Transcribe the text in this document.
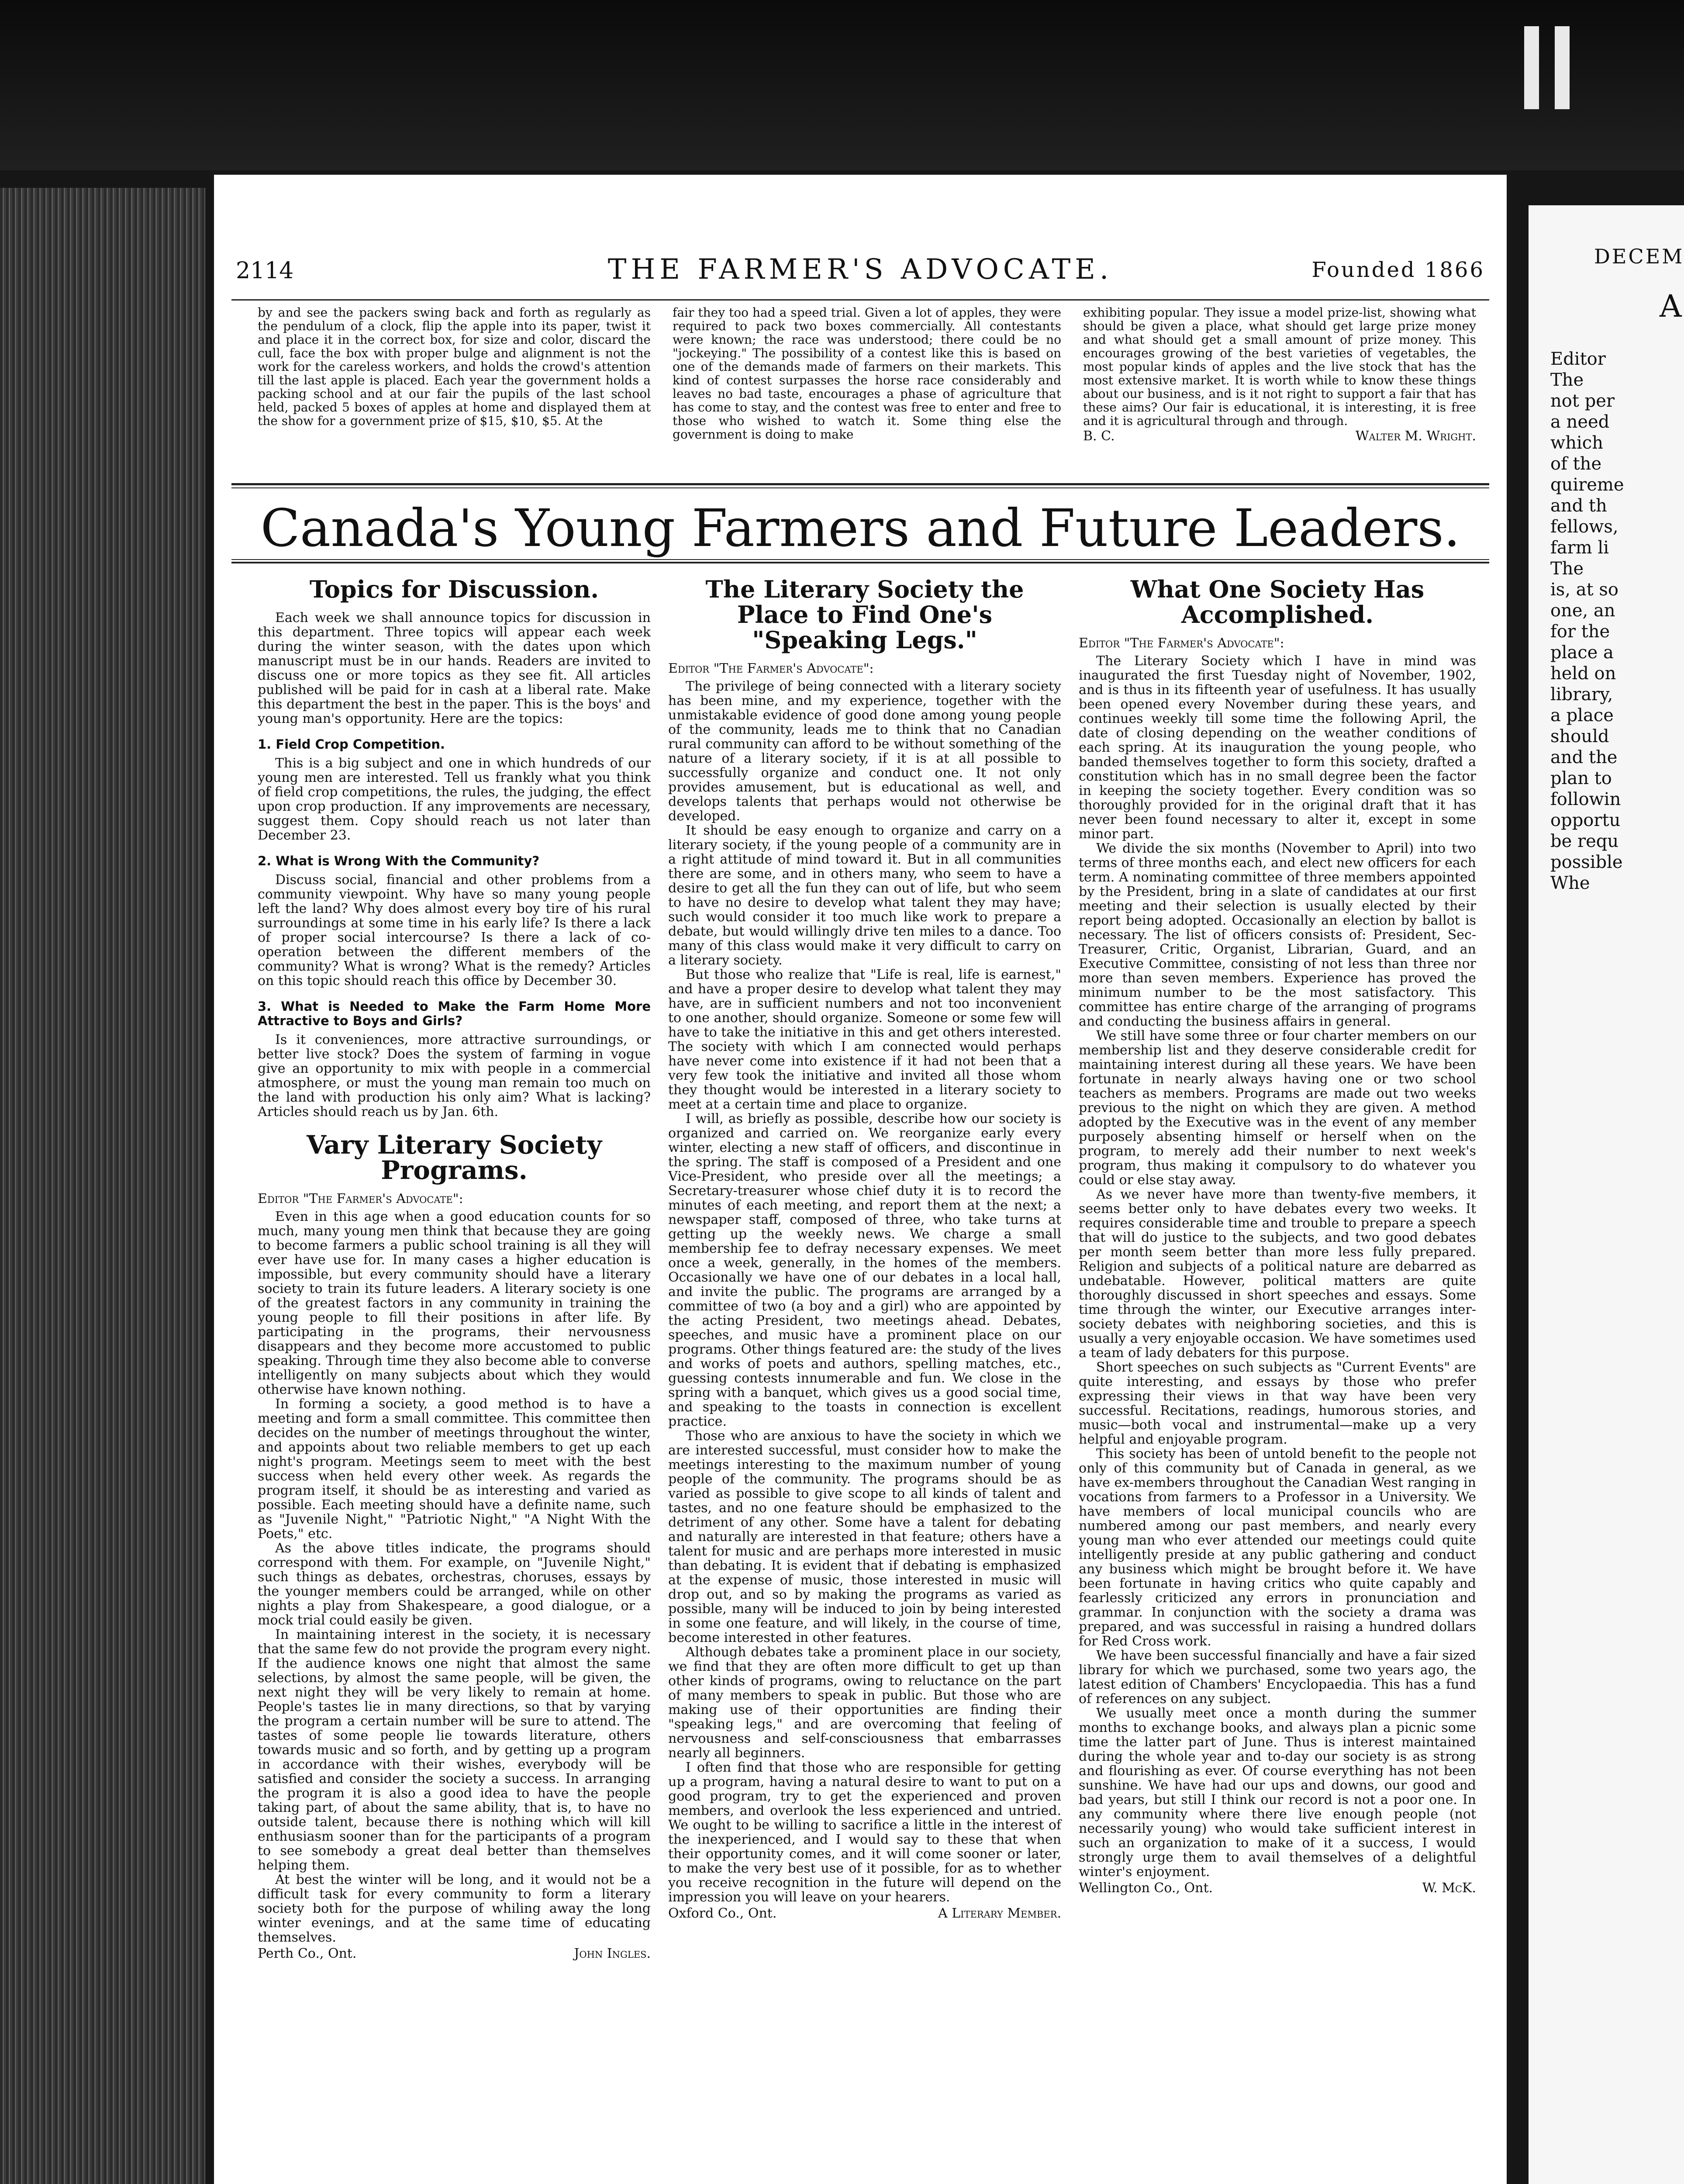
2114	THE FARMER'S ADVOCATE.	Founded 1866

by and see the packers swing back and forth as regularly as the pendulum of a clock, flip the apple into its paper, twist it and place it in the correct box, for size and color, discard the cull, face the box with proper bulge and alignment is not the work for the careless workers, and holds the crowd's attention till the last apple is placed. Each year the government holds a packing school and at our fair the pupils of the last school held, packed 5 boxes of apples at home and displayed them at the show for a government prize of $15, $10, $5. At the

fair they too had a speed trial. Given a lot of apples, they were required to pack two boxes commercially. All contestants were known; the race was understood; there could be no "jockeying." The possibility of a contest like this is based on one of the demands made of farmers on their markets. This kind of contest surpasses the horse race considerably and leaves no bad taste, encourages a phase of agriculture that has come to stay, and the contest was free to enter and free to those who wished to watch it. Some thing else the government is doing to make

exhibiting popular. They issue a model prize-list, showing what should be given a place, what should get large prize money and what should get a small amount of prize money. This encourages growing of the best varieties of vegetables, the most popular kinds of apples and the live stock that has the most extensive market. It is worth while to know these things about our business, and is it not right to support a fair that has these aims? Our fair is educational, it is interesting, it is free and it is agricultural through and through.

B. C.	Walter M. Wright.
Canada's Young Farmers and Future Leaders.
Topics for Discussion.

Each week we shall announce topics for discussion in this department. Three topics will appear each week during the winter season, with the dates upon which manuscript must be in our hands. Readers are invited to discuss one or more topics as they see fit. All articles published will be paid for in cash at a liberal rate. Make this department the best in the paper. This is the boys' and young man's opportunity. Here are the topics:

1. Field Crop Competition.

This is a big subject and one in which hundreds of our young men are interested. Tell us frankly what you think of field crop competitions, the rules, the judging, the effect upon crop production. If any improvements are necessary, suggest them. Copy should reach us not later than December 23.

2. What is Wrong With the Community?

Discuss social, financial and other problems from a community viewpoint. Why have so many young people left the land? Why does almost every boy tire of his rural surroundings at some time in his early life? Is there a lack of proper social intercourse? Is there a lack of co-operation between the different members of the community? What is wrong? What is the remedy? Articles on this topic should reach this office by December 30.

3. What is Needed to Make the Farm Home More Attractive to Boys and Girls?

Is it conveniences, more attractive surroundings, or better live stock? Does the system of farming in vogue give an opportunity to mix with people in a commercial atmosphere, or must the young man remain too much on the land with production his only aim? What is lacking? Articles should reach us by Jan. 6th.

Vary Literary Society Programs.
Editor "The Farmer's Advocate":

Even in this age when a good education counts for so much, many young men think that because they are going to become farmers a public school training is all they will ever have use for. In many cases a higher education is impossible, but every community should have a literary society to train its future leaders. A literary society is one of the greatest factors in any community in training the young people to fill their positions in after life. By participating in the programs, their nervousness disappears and they become more accustomed to public speaking. Through time they also become able to converse intelligently on many subjects about which they would otherwise have known nothing.

In forming a society, a good method is to have a meeting and form a small committee. This committee then decides on the number of meetings throughout the winter, and appoints about two reliable members to get up each night's program. Meetings seem to meet with the best success when held every other week. As regards the program itself, it should be as interesting and varied as possible. Each meeting should have a definite name, such as "Juvenile Night," "Patriotic Night," "A Night With the Poets," etc.

As the above titles indicate, the programs should correspond with them. For example, on "Juvenile Night," such things as debates, orchestras, choruses, essays by the younger members could be arranged, while on other nights a play from Shakespeare, a good dialogue, or a mock trial could easily be given.

In maintaining interest in the society, it is necessary that the same few do not provide the program every night. If the audience knows one night that almost the same selections, by almost the same people, will be given, the next night they will be very likely to remain at home. People's tastes lie in many directions, so that by varying the program a certain number will be sure to attend. The tastes of some people lie towards literature, others towards music and so forth, and by getting up a program in accordance with their wishes, everybody will be satisfied and consider the society a success. In arranging the program it is also a good idea to have the people taking part, of about the same ability, that is, to have no outside talent, because there is nothing which will kill enthusiasm sooner than for the participants of a program to see somebody a great deal better than themselves helping them.

At best the winter will be long, and it would not be a difficult task for every community to form a literary society both for the purpose of whiling away the long winter evenings, and at the same time of educating themselves.

Perth Co., Ont.	John Ingles.
The Literary Society the Place to Find One's "Speaking Legs."
Editor "The Farmer's Advocate":

The privilege of being connected with a literary society has been mine, and my experience, together with the unmistakable evidence of good done among young people of the community, leads me to think that no Canadian rural community can afford to be without something of the nature of a literary society, if it is at all possible to successfully organize and conduct one. It not only provides amusement, but is educational as well, and develops talents that perhaps would not otherwise be developed.

It should be easy enough to organize and carry on a literary society, if the young people of a community are in a right attitude of mind toward it. But in all communities there are some, and in others many, who seem to have a desire to get all the fun they can out of life, but who seem to have no desire to develop what talent they may have; such would consider it too much like work to prepare a debate, but would willingly drive ten miles to a dance. Too many of this class would make it very difficult to carry on a literary society.

But those who realize that "Life is real, life is earnest," and have a proper desire to develop what talent they may have, are in sufficient numbers and not too inconvenient to one another, should organize. Someone or some few will have to take the initiative in this and get others interested. The society with which I am connected would perhaps have never come into existence if it had not been that a very few took the initiative and invited all those whom they thought would be interested in a literary society to meet at a certain time and place to organize.

I will, as briefly as possible, describe how our society is organized and carried on. We reorganize early every winter, electing a new staff of officers, and discontinue in the spring. The staff is composed of a President and one Vice-President, who preside over all the meetings; a Secretary-treasurer whose chief duty it is to record the minutes of each meeting, and report them at the next; a newspaper staff, composed of three, who take turns at getting up the weekly news. We charge a small membership fee to defray necessary expenses. We meet once a week, generally, in the homes of the members. Occasionally we have one of our debates in a local hall, and invite the public. The programs are arranged by a committee of two (a boy and a girl) who are appointed by the acting President, two meetings ahead. Debates, speeches, and music have a prominent place on our programs. Other things featured are: the study of the lives and works of poets and authors, spelling matches, etc., guessing contests innumerable and fun. We close in the spring with a banquet, which gives us a good social time, and speaking to the toasts in connection is excellent practice.

Those who are anxious to have the society in which we are interested successful, must consider how to make the meetings interesting to the maximum number of young people of the community. The programs should be as varied as possible to give scope to all kinds of talent and tastes, and no one feature should be emphasized to the detriment of any other. Some have a talent for debating and naturally are interested in that feature; others have a talent for music and are perhaps more interested in music than debating. It is evident that if debating is emphasized at the expense of music, those interested in music will drop out, and so by making the programs as varied as possible, many will be induced to join by being interested in some one feature, and will likely, in the course of time, become interested in other features.

Although debates take a prominent place in our society, we find that they are often more difficult to get up than other kinds of programs, owing to reluctance on the part of many members to speak in public. But those who are making use of their opportunities are finding their "speaking legs," and are overcoming that feeling of nervousness and self-consciousness that embarrasses nearly all beginners.

I often find that those who are responsible for getting up a program, having a natural desire to want to put on a good program, try to get the experienced and proven members, and overlook the less experienced and untried. We ought to be willing to sacrifice a little in the interest of the inexperienced, and I would say to these that when their opportunity comes, and it will come sooner or later, to make the very best use of it possible, for as to whether you receive recognition in the future will depend on the impression you will leave on your hearers.

Oxford Co., Ont.	A Literary Member.
What One Society Has Accomplished.
Editor "The Farmer's Advocate":

The Literary Society which I have in mind was inaugurated the first Tuesday night of November, 1902, and is thus in its fifteenth year of usefulness. It has usually been opened every November during these years, and continues weekly till some time the following April, the date of closing depending on the weather conditions of each spring. At its inauguration the young people, who banded themselves together to form this society, drafted a constitution which has in no small degree been the factor in keeping the society together. Every condition was so thoroughly provided for in the original draft that it has never been found necessary to alter it, except in some minor part.

We divide the six months (November to April) into two terms of three months each, and elect new officers for each term. A nominating committee of three members appointed by the President, bring in a slate of candidates at our first meeting and their selection is usually elected by their report being adopted. Occasionally an election by ballot is necessary. The list of officers consists of: President, Sec-Treasurer, Critic, Organist, Librarian, Guard, and an Executive Committee, consisting of not less than three nor more than seven members. Experience has proved the minimum number to be the most satisfactory. This committee has entire charge of the arranging of programs and conducting the business affairs in general.

We still have some three or four charter members on our membership list and they deserve considerable credit for maintaining interest during all these years. We have been fortunate in nearly always having one or two school teachers as members. Programs are made out two weeks previous to the night on which they are given. A method adopted by the Executive was in the event of any member purposely absenting himself or herself when on the program, to merely add their number to next week's program, thus making it compulsory to do whatever you could or else stay away.

As we never have more than twenty-five members, it seems better only to have debates every two weeks. It requires considerable time and trouble to prepare a speech that will do justice to the subjects, and two good debates per month seem better than more less fully prepared. Religion and subjects of a political nature are debarred as undebatable. However, political matters are quite thoroughly discussed in short speeches and essays. Some time through the winter, our Executive arranges inter-society debates with neighboring societies, and this is usually a very enjoyable occasion. We have sometimes used a team of lady debaters for this purpose.

Short speeches on such subjects as "Current Events" are quite interesting, and essays by those who prefer expressing their views in that way have been very successful. Recitations, readings, humorous stories, and music—both vocal and instrumental—make up a very helpful and enjoyable program.

This society has been of untold benefit to the people not only of this community but of Canada in general, as we have ex-members throughout the Canadian West ranging in vocations from farmers to a Professor in a University. We have members of local municipal councils who are numbered among our past members, and nearly every young man who ever attended our meetings could quite intelligently preside at any public gathering and conduct any business which might be brought before it. We have been fortunate in having critics who quite capably and fearlessly criticized any errors in pronunciation and grammar. In conjunction with the society a drama was prepared, and was successful in raising a hundred dollars for Red Cross work.

We have been successful financially and have a fair sized library for which we purchased, some two years ago, the latest edition of Chambers' Encyclopaedia. This has a fund of references on any subject.

We usually meet once a month during the summer months to exchange books, and always plan a picnic some time the latter part of June. Thus is interest maintained during the whole year and to-day our society is as strong and flourishing as ever. Of course everything has not been sunshine. We have had our ups and downs, our good and bad years, but still I think our record is not a poor one. In any community where there live enough people (not necessarily young) who would take sufficient interest in such an organization to make of it a success, I would strongly urge them to avail themselves of a delightful winter's enjoyment.

Wellington Co., Ont.	W. McK.
DECEM
A
Editor
The
not per
a need
which
of the
quireme
and th
fellows,
farm li
The
is, at so
one, an
for the
place a
held on
library,
a place
should
and the
plan to
followin
opportu
be requ
possible
Whe
